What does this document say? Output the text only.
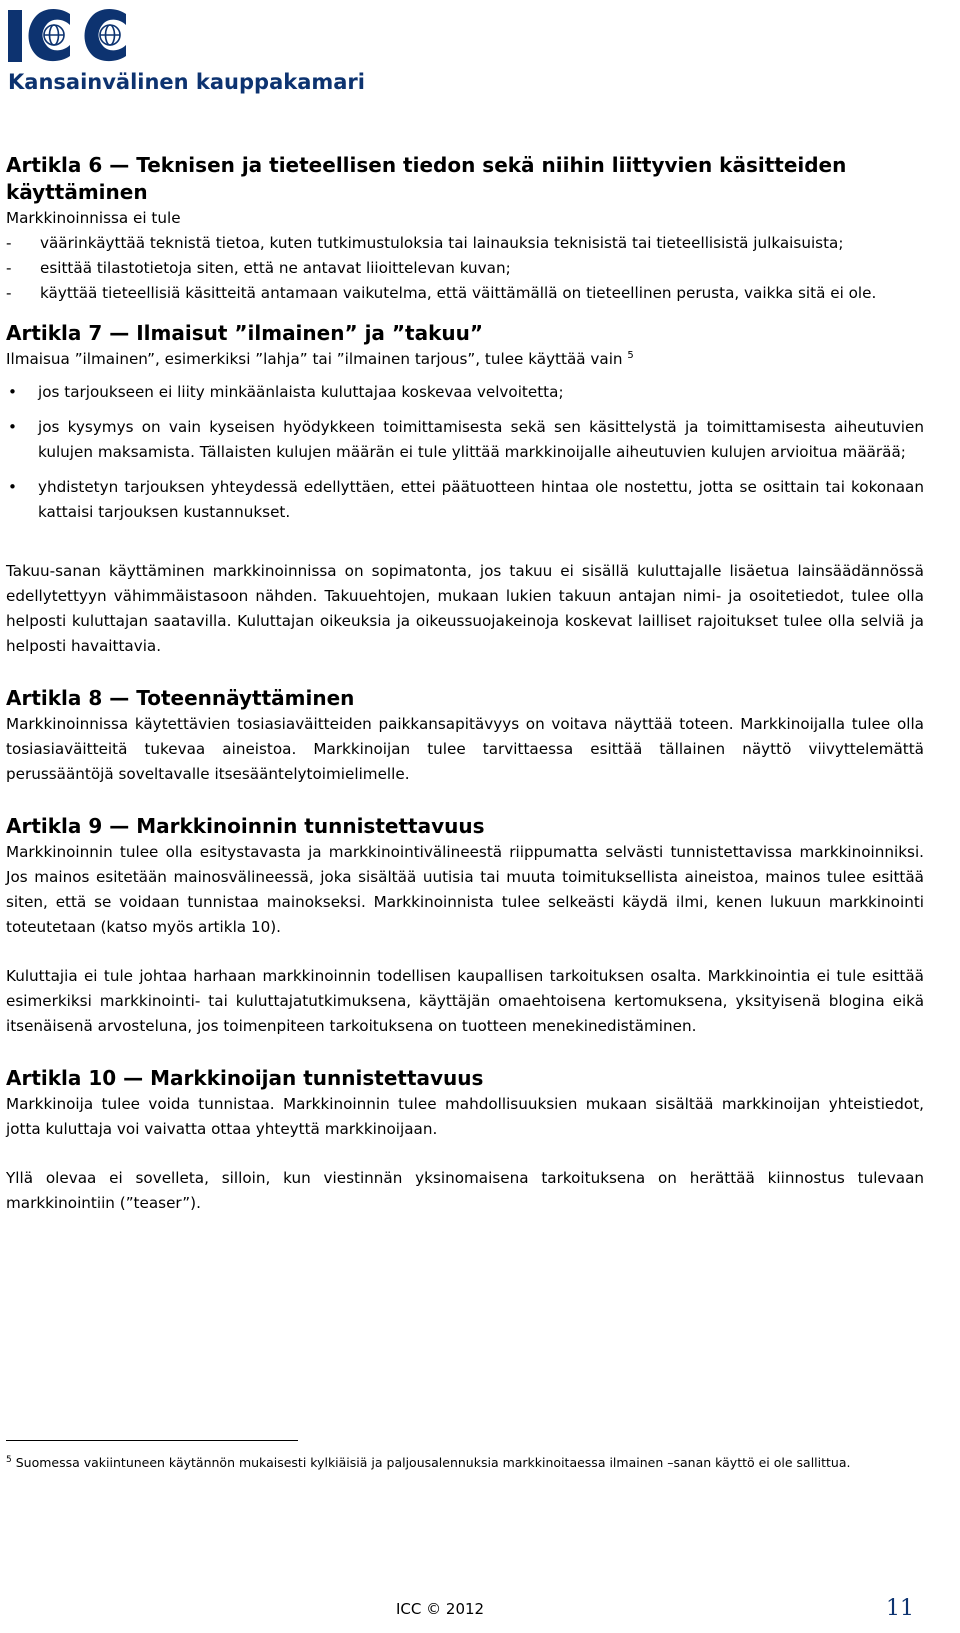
Kansainvälinen kauppakamari

Artikla 6 — Teknisen ja tieteellisen tiedon sekä niihin liittyvien käsitteiden käyttäminen

Markkinoinnissa ei tule

- väärinkäyttää teknistä tietoa, kuten tutkimustuloksia tai lainauksia teknisistä tai tieteellisistä julkaisuista;
- esittää tilastotietoja siten, että ne antavat liioittelevan kuvan;
- käyttää tieteellisiä käsitteitä antamaan vaikutelma, että väittämällä on tieteellinen perusta, vaikka sitä ei ole.
Artikla 7 — Ilmaisut ”ilmainen” ja ”takuu”

Ilmaisua ”ilmainen”, esimerkiksi ”lahja” tai ”ilmainen tarjous”, tulee käyttää vain $^5$

• jos tarjoukseen ei liity minkäänlaista kuluttajaa koskevaa velvoitetta;
• jos kysymys on vain kyseisen hyödykkeen toimittamisesta sekä sen käsittelystä ja toimittamisesta aiheutuvien kulujen maksamista. Tällaisten kulujen määrän ei tule ylittää markkinoijalle aiheutuvien kulujen arvioitua määrää;
• yhdistetyn tarjouksen yhteydessä edellyttäen, ettei päätuotteen hintaa ole nostettu, jotta se osittain tai kokonaan kattaisi tarjouksen kustannukset.

Takuu-sanan käyttäminen markkinoinnissa on sopimatonta, jos takuu ei sisällä kuluttajalle lisäetua lainsäädännössä edellytettyyn vähimmäistasoon nähden. Takuuehtojen, mukaan lukien takuun antajan nimi- ja osoitetiedot, tulee olla helposti kuluttajan saatavilla. Kuluttajan oikeuksia ja oikeussuojakeinoja koskevat lailliset rajoitukset tulee olla selviä ja helposti havaittavia.

Artikla 8 — Toteennäyttäminen

Markkinoinnissa käytettävien tosiasiaväitteiden paikkansapitävyys on voitava näyttää toteen. Markkinoijalla tulee olla tosiasiaväitteitä tukevaa aineistoa. Markkinoijan tulee tarvittaessa esittää tällainen näyttö viivyttelemättä perussääntöjä soveltavalle itsesääntelytoimielimelle.

Artikla 9 — Markkinoinnin tunnistettavuus

Markkinoinnin tulee olla esitystavasta ja markkinointivälineestä riippumatta selvästi tunnistettavissa markkinoinniksi. Jos mainos esitetään mainosvälineessä, joka sisältää uutisia tai muuta toimituksellista aineistoa, mainos tulee esittää siten, että se voidaan tunnistaa mainokseksi. Markkinoinnista tulee selkeästi käydä ilmi, kenen lukuun markkinointi toteutetaan (katso myös artikla 10).

Kuluttajia ei tule johtaa harhaan markkinoinnin todellisen kaupallisen tarkoituksen osalta. Markkinointia ei tule esittää esimerkiksi markkinointi- tai kuluttajatutkimuksena, käyttäjän omaehtoisena kertomuksena, yksityisenä blogina eikä itsenäisenä arvosteluna, jos toimenpiteen tarkoituksena on tuotteen menekinedistäminen.

Artikla 10 — Markkinoijan tunnistettavuus

Markkinoija tulee voida tunnistaa. Markkinoinnin tulee mahdollisuuksien mukaan sisältää markkinoijan yhteistiedot, jotta kuluttaja voi vaivatta ottaa yhteyttä markkinoijaan.

Yllä olevaa ei sovelleta, silloin, kun viestinnän yksinomaisena tarkoituksena on herättää kiinnostus tulevaan markkinointiin (”teaser”).

$^5$ Suomessa vakiintuneen käytännön mukaisesti kylkiäisiä ja paljousalennuksia markkinoitaessa ilmainen –sanan käyttö ei ole sallittua.
ICC © 2012	11
